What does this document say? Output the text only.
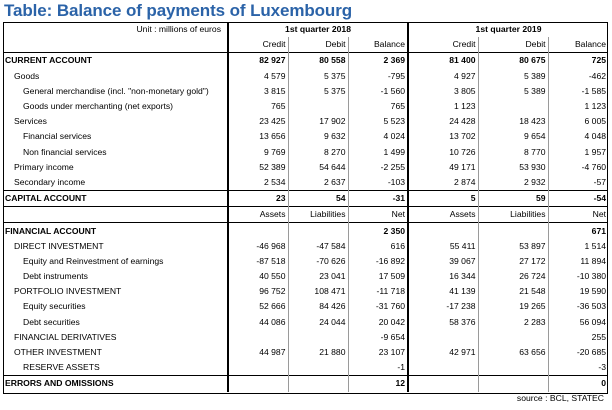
Table: Balance of payments of Luxembourg
Unit : millions of euros	1st quarter 2018			1st quarter 2019		
	Credit	Debit	Balance	Credit	Debit	Balance
CURRENT ACCOUNT	82 927	80 558	2 369	81 400	80 675	725
Goods	4 579	5 375	-795	4 927	5 389	-462
General merchandise (incl. "non-monetary gold")	3 815	5 375	-1 560	3 805	5 389	-1 585
Goods under merchanting (net exports)	765		765	1 123		1 123
Services	23 425	17 902	5 523	24 428	18 423	6 005
Financial services	13 656	9 632	4 024	13 702	9 654	4 048
Non financial services	9 769	8 270	1 499	10 726	8 770	1 957
Primary income	52 389	54 644	-2 255	49 171	53 930	-4 760
Secondary income	2 534	2 637	-103	2 874	2 932	-57
CAPITAL ACCOUNT	23	54	-31	5	59	-54
	Assets	Liabilities	Net	Assets	Liabilities	Net
FINANCIAL ACCOUNT			2 350			671
DIRECT INVESTMENT	-46 968	-47 584	616	55 411	53 897	1 514
Equity and Reinvestment of earnings	-87 518	-70 626	-16 892	39 067	27 172	11 894
Debt instruments	40 550	23 041	17 509	16 344	26 724	-10 380
PORTFOLIO INVESTMENT	96 752	108 471	-11 718	41 139	21 548	19 590
Equity securities	52 666	84 426	-31 760	-17 238	19 265	-36 503
Debt securities	44 086	24 044	20 042	58 376	2 283	56 094
FINANCIAL DERIVATIVES			-9 654			255
OTHER INVESTMENT	44 987	21 880	23 107	42 971	63 656	-20 685
RESERVE ASSETS			-1			-3
ERRORS AND OMISSIONS			12			0
source : BCL, STATEC
